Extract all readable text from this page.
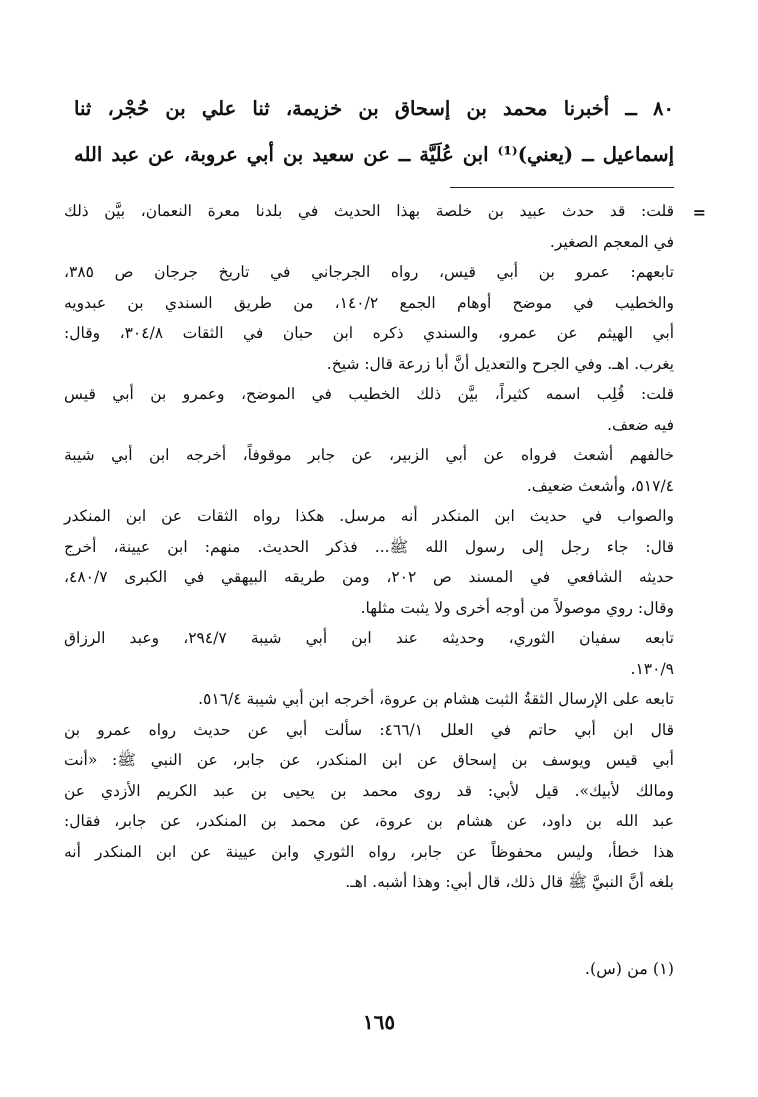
٨٠ ــ أخبرنا محمد بن إسحاق بن خزيمة، ثنا علي بن حُجْر، ثنا
إسماعيل ــ (يعني)⁽¹⁾ ابن عُلَيَّة ــ عن سعيد بن أبي عروبة، عن عبد الله
=
قلت: قد حدث عبيد بن خلصة بهذا الحديث في بلدنا معرة النعمان، بيَّن ذلك
في المعجم الصغير.
تابعهم: عمرو بن أبي قيس، رواه الجرجاني في تاريخ جرجان ص ٣٨٥،
والخطيب في موضح أوهام الجمع ١٤٠/٢، من طريق السندي بن عبدويه
أبي الهيثم عن عمرو، والسندي ذكره ابن حبان في الثقات ٣٠٤/٨، وقال:
يغرب. اهـ. وفي الجرح والتعديل أنَّ أبا زرعة قال: شيخ.
قلت: قُلِب اسمه كثيراً، بيَّن ذلك الخطيب في الموضح، وعمرو بن أبي قيس
فيه ضعف.
خالفهم أشعث فرواه عن أبي الزبير، عن جابر موقوفاً، أخرجه ابن أبي شيبة
٥١٧/٤، وأشعث ضعيف.
والصواب في حديث ابن المنكدر أنه مرسل. هكذا رواه الثقات عن ابن المنكدر
قال: جاء رجل إلى رسول الله ﷺ... فذكر الحديث. منهم: ابن عيينة، أخرج
حديثه الشافعي في المسند ص ٢٠٢، ومن طريقه البيهقي في الكبرى ٤٨٠/٧،
وقال: روي موصولاً من أوجه أخرى ولا يثبت مثلها.
تابعه سفيان الثوري، وحديثه عند ابن أبي شيبة ٢٩٤/٧، وعبد الرزاق
١٣٠/٩.
تابعه على الإرسال الثقةُ الثبت هشام بن عروة، أخرجه ابن أبي شيبة ٥١٦/٤.
قال ابن أبي حاتم في العلل ٤٦٦/١: سألت أبي عن حديث رواه عمرو بن
أبي قيس ويوسف بن إسحاق عن ابن المنكدر، عن جابر، عن النبي ﷺ: «أنت
ومالك لأبيك». قيل لأبي: قد روى محمد بن يحيى بن عبد الكريم الأزدي عن
عبد الله بن داود، عن هشام بن عروة، عن محمد بن المنكدر، عن جابر، فقال:
هذا خطأ، وليس محفوظاً عن جابر، رواه الثوري وابن عيينة عن ابن المنكدر أنه
بلغه أنَّ النبيَّ ﷺ قال ذلك، قال أبي: وهذا أشبه. اهـ.
(١) من (س).
١٦٥
